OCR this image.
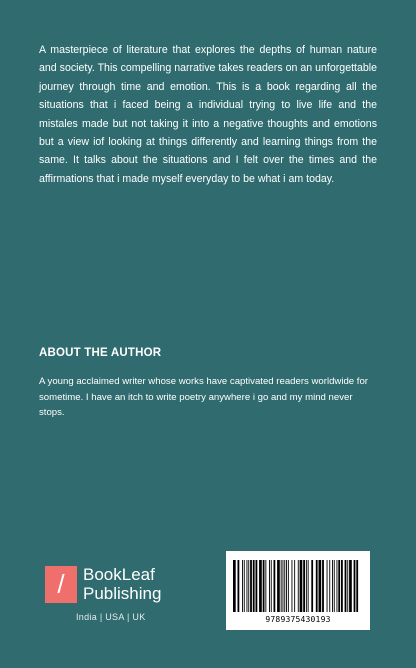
A masterpiece of literature that explores the depths of human nature and society. This compelling narrative takes readers on an unforgettable journey through time and emotion. This is a book regarding all the situations that i faced being a individual trying to live life and the mistales made but not taking it into a negative thoughts and emotions but a view iof looking at things differently and learning things from the same. It talks about the situations and I felt over the times and the affirmations that i made myself everyday to be what i am today.
ABOUT THE AUTHOR
A young acclaimed writer whose works have captivated readers worldwide for sometime. I have an itch to write poetry anywhere i go and my mind never stops.
/	BookLeaf
Publishing
India | USA | UK	9789375430193
